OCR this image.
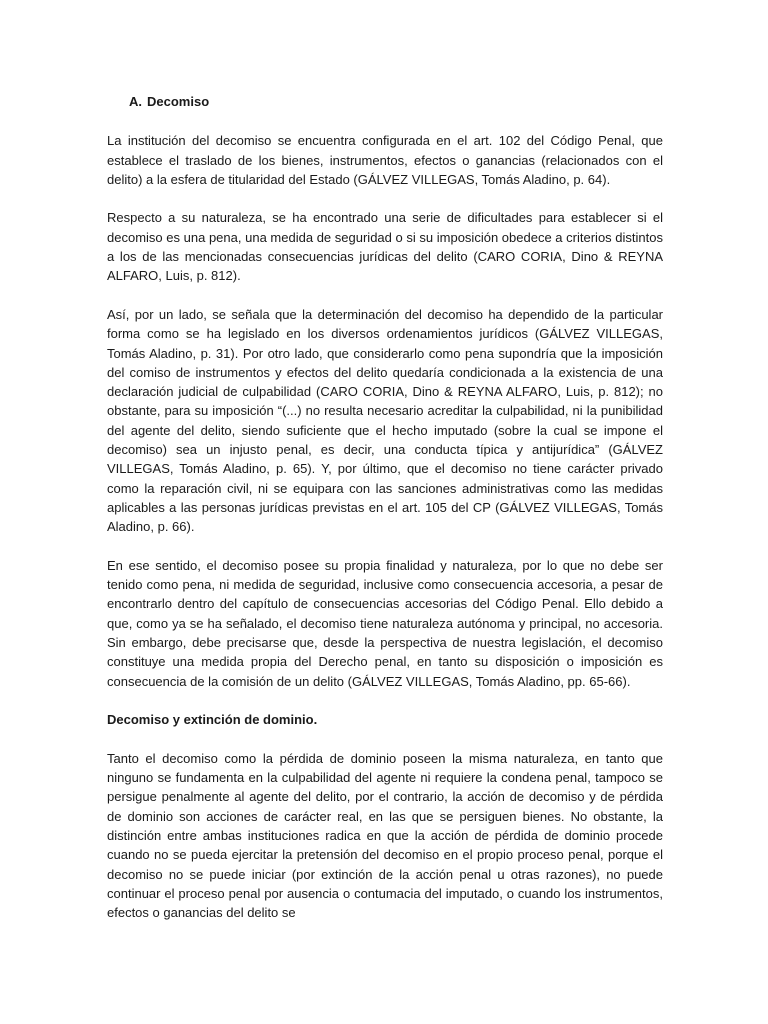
A. Decomiso

La institución del decomiso se encuentra configurada en el art. 102 del Código Penal, que establece el traslado de los bienes, instrumentos, efectos o ganancias (relacionados con el delito) a la esfera de titularidad del Estado (GÁLVEZ VILLEGAS, Tomás Aladino, p. 64).

Respecto a su naturaleza, se ha encontrado una serie de dificultades para establecer si el decomiso es una pena, una medida de seguridad o si su imposición obedece a criterios distintos a los de las mencionadas consecuencias jurídicas del delito (CARO CORIA, Dino & REYNA ALFARO, Luis, p. 812).

Así, por un lado, se señala que la determinación del decomiso ha dependido de la particular forma como se ha legislado en los diversos ordenamientos jurídicos (GÁLVEZ VILLEGAS, Tomás Aladino, p. 31). Por otro lado, que considerarlo como pena supondría que la imposición del comiso de instrumentos y efectos del delito quedaría condicionada a la existencia de una declaración judicial de culpabilidad (CARO CORIA, Dino & REYNA ALFARO, Luis, p. 812); no obstante, para su imposición “(...) no resulta necesario acreditar la culpabilidad, ni la punibilidad del agente del delito, siendo suficiente que el hecho imputado (sobre la cual se impone el decomiso) sea un injusto penal, es decir, una conducta típica y antijurídica” (GÁLVEZ VILLEGAS, Tomás Aladino, p. 65). Y, por último, que el decomiso no tiene carácter privado como la reparación civil, ni se equipara con las sanciones administrativas como las medidas aplicables a las personas jurídicas previstas en el art. 105 del CP (GÁLVEZ VILLEGAS, Tomás Aladino, p. 66).

En ese sentido, el decomiso posee su propia finalidad y naturaleza, por lo que no debe ser tenido como pena, ni medida de seguridad, inclusive como consecuencia accesoria, a pesar de encontrarlo dentro del capítulo de consecuencias accesorias del Código Penal. Ello debido a que, como ya se ha señalado, el decomiso tiene naturaleza autónoma y principal, no accesoria. Sin embargo, debe precisarse que, desde la perspectiva de nuestra legislación, el decomiso constituye una medida propia del Derecho penal, en tanto su disposición o imposición es consecuencia de la comisión de un delito (GÁLVEZ VILLEGAS, Tomás Aladino, pp. 65-66).

Decomiso y extinción de dominio.

Tanto el decomiso como la pérdida de dominio poseen la misma naturaleza, en tanto que ninguno se fundamenta en la culpabilidad del agente ni requiere la condena penal, tampoco se persigue penalmente al agente del delito, por el contrario, la acción de decomiso y de pérdida de dominio son acciones de carácter real, en las que se persiguen bienes. No obstante, la distinción entre ambas instituciones radica en que la acción de pérdida de dominio procede cuando no se pueda ejercitar la pretensión del decomiso en el propio proceso penal, porque el decomiso no se puede iniciar (por extinción de la acción penal u otras razones), no puede continuar el proceso penal por ausencia o contumacia del imputado, o cuando los instrumentos, efectos o ganancias del delito se
